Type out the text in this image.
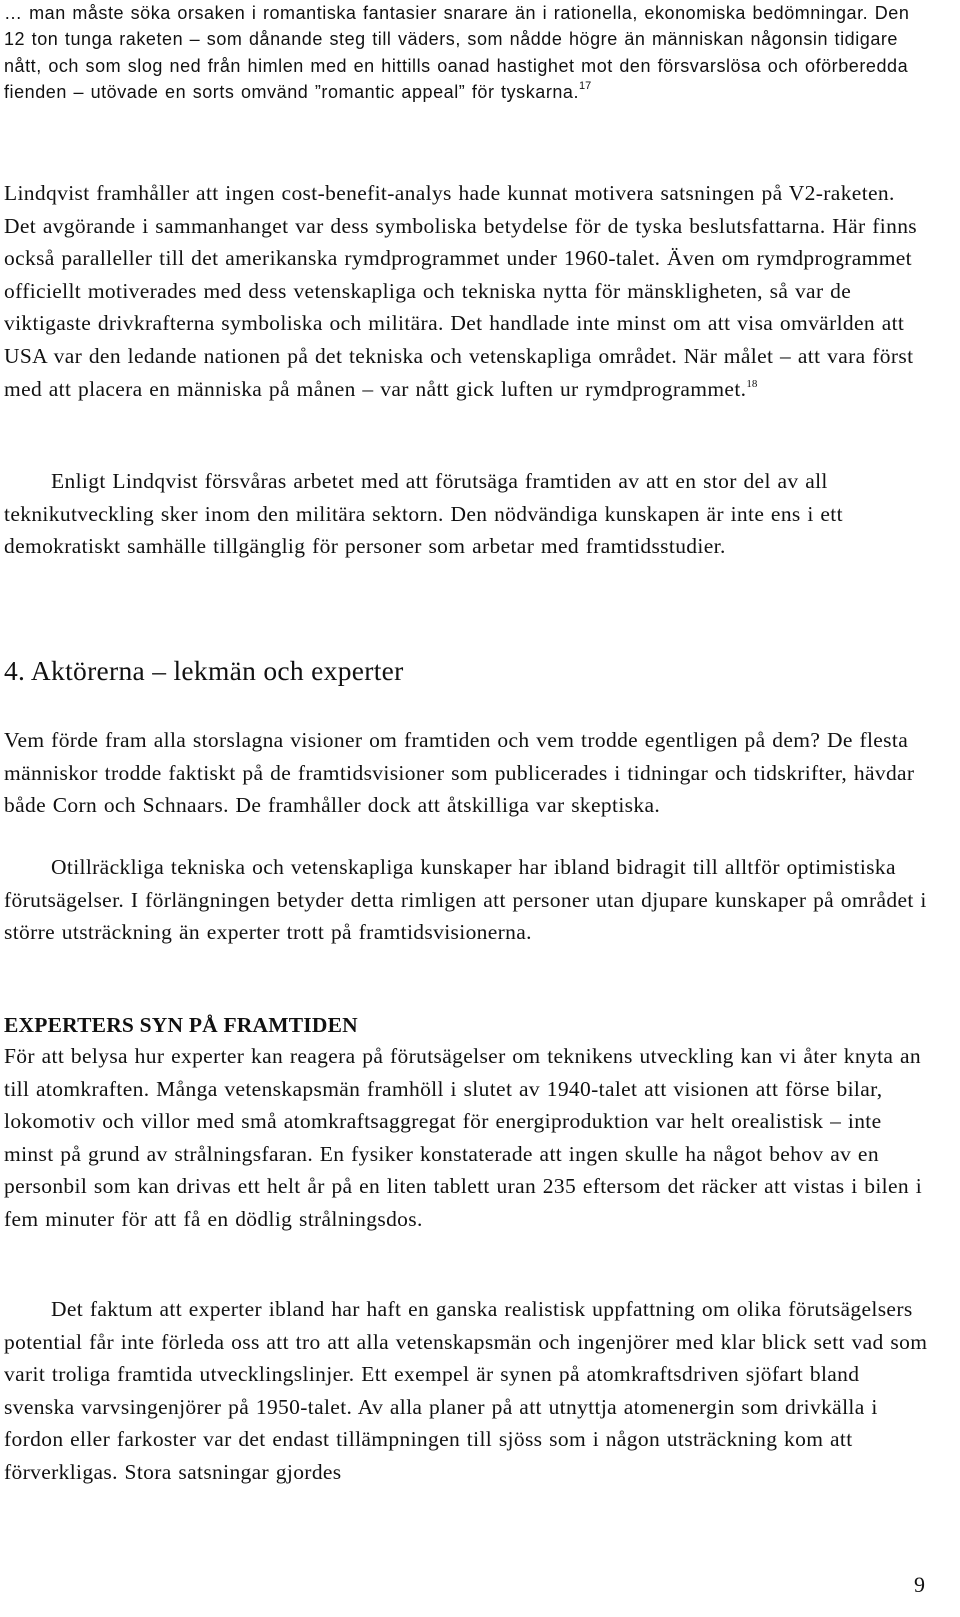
… man måste söka orsaken i romantiska fantasier snarare än i rationella, ekonomiska bedömningar. Den 12 ton tunga raketen – som dånande steg till väders, som nådde högre än människan någonsin tidigare nått, och som slog ned från himlen med en hittills oanad hastighet mot den försvarslösa och oförberedda fienden – utövade en sorts omvänd ”romantic appeal” för tyskarna.$^{17}$

Lindqvist framhåller att ingen cost-benefit-analys hade kunnat motivera satsningen på V2-raketen. Det avgörande i sammanhanget var dess symboliska betydelse för de tyska beslutsfattarna. Här finns också paralleller till det amerikanska rymdprogrammet under 1960-talet. Även om rymdprogrammet officiellt motiverades med dess vetenskapliga och tekniska nytta för mänskligheten, så var de viktigaste drivkrafterna symboliska och militära. Det handlade inte minst om att visa omvärlden att USA var den ledande nationen på det tekniska och vetenskapliga området. När målet – att vara först med att placera en människa på månen – var nått gick luften ur rymdprogrammet.$^{18}$

Enligt Lindqvist försvåras arbetet med att förutsäga framtiden av att en stor del av all teknikutveckling sker inom den militära sektorn. Den nödvändiga kunskapen är inte ens i ett demokratiskt samhälle tillgänglig för personer som arbetar med framtidsstudier.

4. Aktörerna – lekmän och experter

Vem förde fram alla storslagna visioner om framtiden och vem trodde egentligen på dem? De flesta människor trodde faktiskt på de framtidsvisioner som publicerades i tidningar och tidskrifter, hävdar både Corn och Schnaars. De framhåller dock att åtskilliga var skeptiska.

Otillräckliga tekniska och vetenskapliga kunskaper har ibland bidragit till alltför optimistiska förutsägelser. I förlängningen betyder detta rimligen att personer utan djupare kunskaper på området i större utsträckning än experter trott på framtidsvisionerna.

EXPERTERS SYN PÅ FRAMTIDEN

För att belysa hur experter kan reagera på förutsägelser om teknikens utveckling kan vi åter knyta an till atomkraften. Många vetenskapsmän framhöll i slutet av 1940-talet att visionen att förse bilar, lokomotiv och villor med små atomkraftsaggregat för energiproduktion var helt orealistisk – inte minst på grund av strålningsfaran. En fysiker konstaterade att ingen skulle ha något behov av en personbil som kan drivas ett helt år på en liten tablett uran 235 eftersom det räcker att vistas i bilen i fem minuter för att få en dödlig strålningsdos.

Det faktum att experter ibland har haft en ganska realistisk uppfattning om olika förutsägelsers potential får inte förleda oss att tro att alla vetenskapsmän och ingenjörer med klar blick sett vad som varit troliga framtida utvecklingslinjer. Ett exempel är synen på atomkraftsdriven sjöfart bland svenska varvsingenjörer på 1950-talet. Av alla planer på att utnyttja atomenergin som drivkälla i fordon eller farkoster var det endast tillämpningen till sjöss som i någon utsträckning kom att förverkligas. Stora satsningar gjordes

9
